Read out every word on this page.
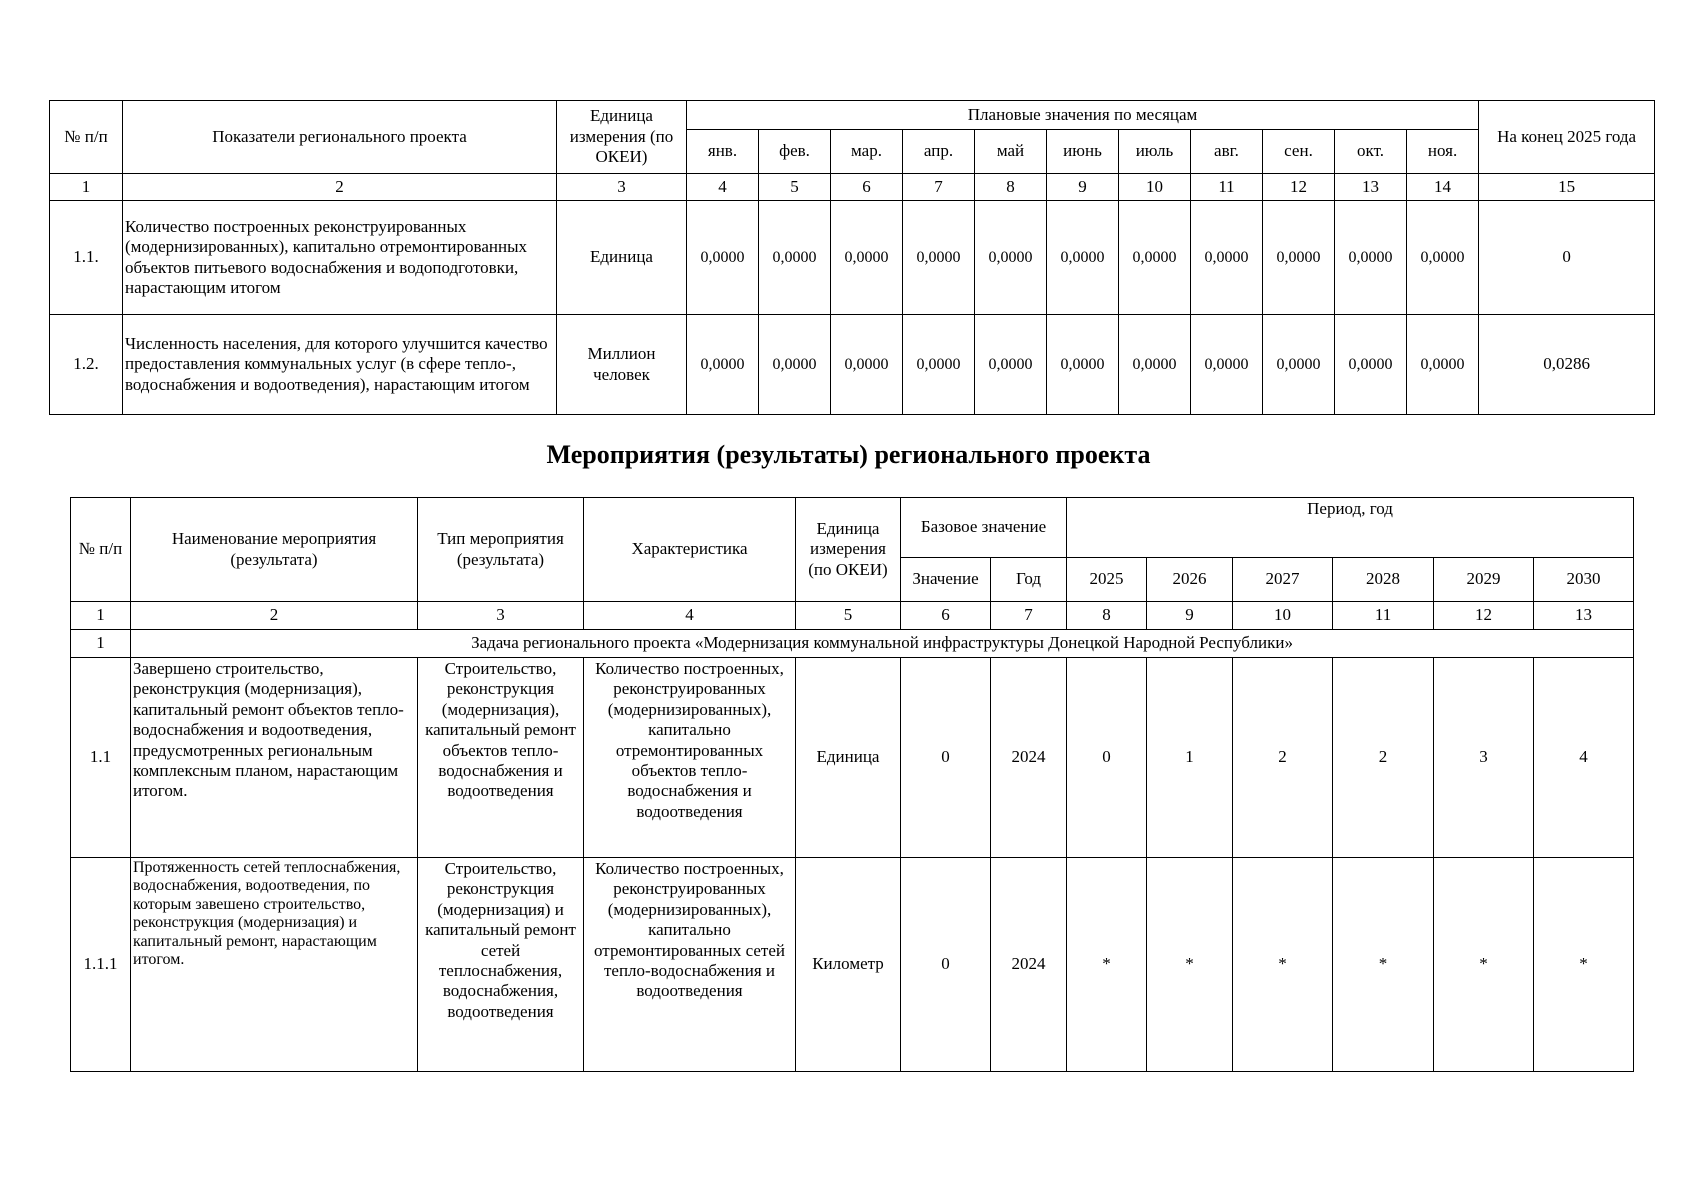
№ п/п	Показатели регионального проекта	Единица измерения (по ОКЕИ)	Плановые значения по месяцам											На конец 2025 года
			янв.	фев.	мар.	апр.	май	июнь	июль	авг.	сен.	окт.	ноя.	
1	2	3	4	5	6	7	8	9	10	11	12	13	14	15
1.1.	Количество построенных реконструированных (модернизированных), капитально отремонтированных объектов питьевого водоснабжения и водоподготовки, нарастающим итогом	Единица	0,0000	0,0000	0,0000	0,0000	0,0000	0,0000	0,0000	0,0000	0,0000	0,0000	0,0000	0
1.2.	Численность населения, для которого улучшится качество предоставления коммунальных услуг (в сфере тепло-, водоснабжения и водоотведения), нарастающим итогом	Миллион человек	0,0000	0,0000	0,0000	0,0000	0,0000	0,0000	0,0000	0,0000	0,0000	0,0000	0,0000	0,0286
Мероприятия (результаты) регионального проекта
№ п/п	Наименование мероприятия (результата)	Тип мероприятия (результата)	Характеристика	Единица измерения (по ОКЕИ)	Базовое значение		Период, год					
					Значение	Год	2025	2026	2027	2028	2029	2030
1	2	3	4	5	6	7	8	9	10	11	12	13
1	Задача регионального проекта «Модернизация коммунальной инфраструктуры Донецкой Народной Республики»											
1.1	Завершено строительство, реконструкция (модернизация), капитальный ремонт объектов тепло-водоснабжения и водоотведения, предусмотренных региональным комплексным планом, нарастающим итогом.	Строительство, реконструкция (модернизация), капитальный ремонт объектов тепло-водоснабжения и водоотведения	Количество построенных, реконструированных (модернизированных), капитально отремонтированных объектов тепло-водоснабжения и водоотведения	Единица	0	2024	0	1	2	2	3	4
1.1.1	Протяженность сетей теплоснабжения, водоснабжения, водоотведения, по которым завешено строительство, реконструкция (модернизация) и капитальный ремонт, нарастающим итогом.	Строительство, реконструкция (модернизация) и капитальный ремонт сетей теплоснабжения, водоснабжения, водоотведения	Количество построенных, реконструированных (модернизированных), капитально отремонтированных сетей тепло-водоснабжения и водоотведения	Километр	0	2024	*	*	*	*	*	*
